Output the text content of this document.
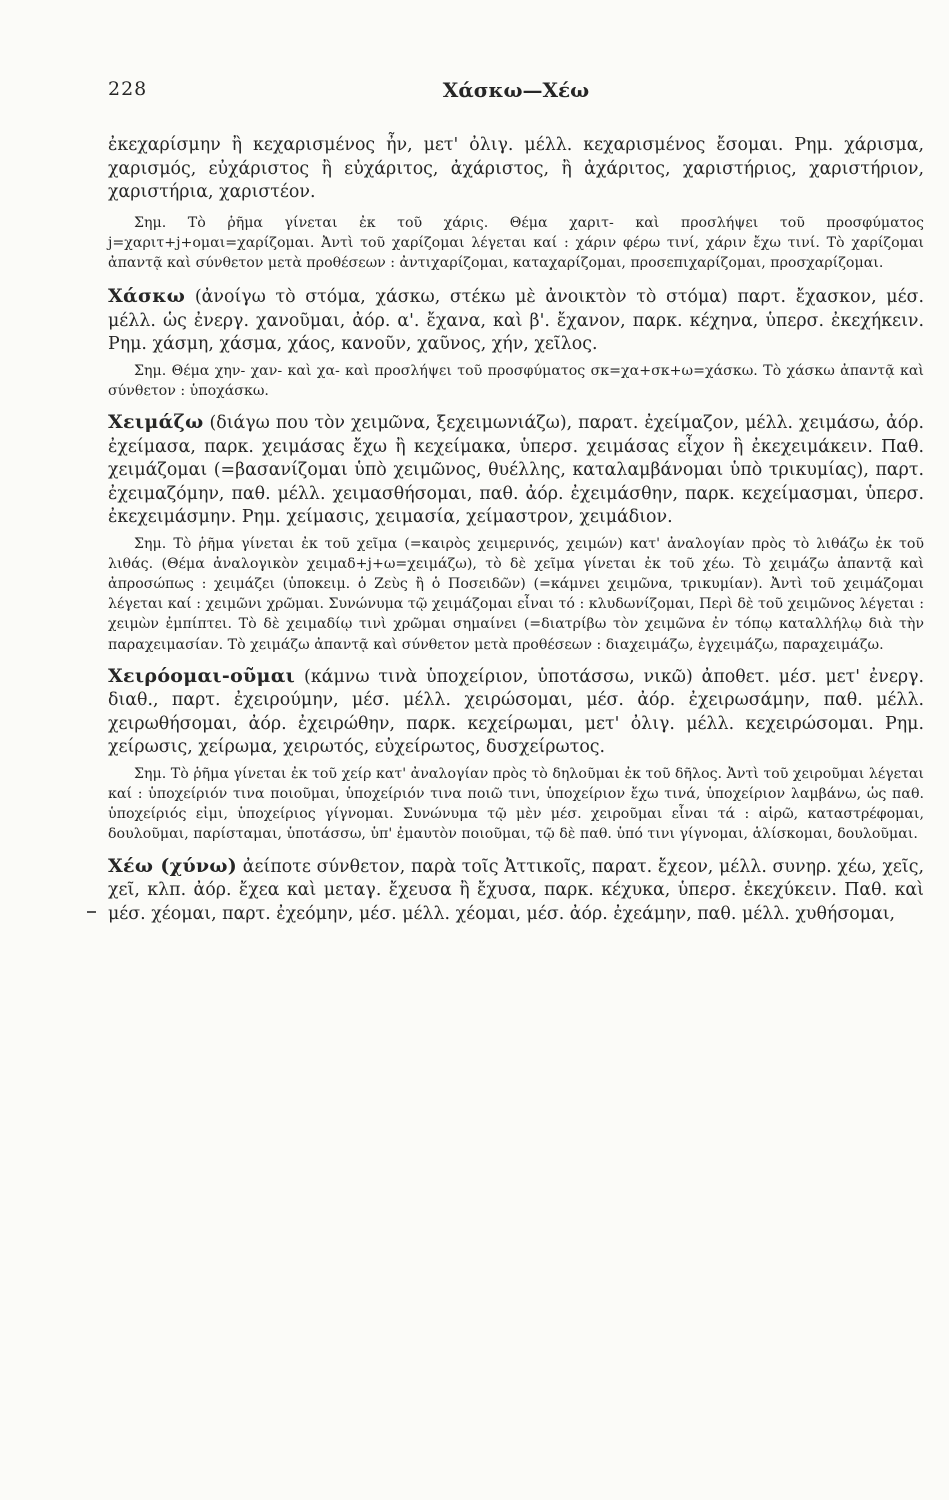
228	Χάσκω—Χέω

ἐκεχαρίσμην ἢ κεχαρισμένος ἦν, μετ' ὀλιγ. μέλλ. κεχαρισμένος ἔσομαι. Ρημ. χάρισμα, χαρισμός, εὐχάριστος ἢ εὐχάριτος, ἀχάριστος, ἢ ἀχάριτος, χαριστήριος, χαριστήριον, χαριστήρια, χαριστέον.

Σημ. Τὸ ῥῆμα γίνεται ἐκ τοῦ χάρις. Θέμα χαριτ- καὶ προσλήψει τοῦ προσφύματος j=χαριτ+j+ομαι=χαρίζομαι. Ἀντὶ τοῦ χαρίζομαι λέγεται καί : χάριν φέρω τινί, χάριν ἔχω τινί. Τὸ χαρίζομαι ἀπαντᾷ καὶ σύνθετον μετὰ προθέσεων : ἀντιχαρίζομαι, καταχαρίζομαι, προσεπιχαρίζομαι, προσχαρίζομαι.

Χάσκω (ἀνοίγω τὸ στόμα, χάσκω, στέκω μὲ ἀνοικτὸν τὸ στόμα) παρτ. ἔχασκον, μέσ. μέλλ. ὡς ἐνεργ. χανοῦμαι, ἀόρ. α'. ἔχανα, καὶ β'. ἔχανον, παρκ. κέχηνα, ὑπερσ. ἐκεχήκειν. Ρημ. χάσμη, χάσμα, χάος, κανοῦν, χαῦνος, χήν, χεῖλος.

Σημ. Θέμα χην- χαν- καὶ χα- καὶ προσλήψει τοῦ προσφύματος σκ=χα+σκ+ω=χάσκω. Τὸ χάσκω ἀπαντᾷ καὶ σύνθετον : ὑποχάσκω.

Χειμάζω (διάγω που τὸν χειμῶνα, ξεχειμωνιάζω), παρατ. ἐχείμαζον, μέλλ. χειμάσω, ἀόρ. ἐχείμασα, παρκ. χειμάσας ἔχω ἢ κεχείμακα, ὑπερσ. χειμάσας εἶχον ἢ ἐκεχειμάκειν. Παθ. χειμάζομαι (=βασανίζομαι ὑπὸ χειμῶνος, θυέλλης, καταλαμβάνομαι ὑπὸ τρικυμίας), παρτ. ἐχειμαζόμην, παθ. μέλλ. χειμασθήσομαι, παθ. ἀόρ. ἐχειμάσθην, παρκ. κεχείμασμαι, ὑπερσ. ἐκεχειμάσμην. Ρημ. χείμασις, χειμασία, χείμαστρον, χειμάδιον.

Σημ. Τὸ ῥῆμα γίνεται ἐκ τοῦ χεῖμα (=καιρὸς χειμερινός, χειμών) κατ' ἀναλογίαν πρὸς τὸ λιθάζω ἐκ τοῦ λιθάς. (Θέμα ἀναλογικὸν χειμαδ+j+ω=χειμάζω), τὸ δὲ χεῖμα γίνεται ἐκ τοῦ χέω. Τὸ χειμάζω ἀπαντᾷ καὶ ἀπροσώπως : χειμάζει (ὑποκειμ. ὁ Ζεὺς ἢ ὁ Ποσειδῶν) (=κάμνει χειμῶνα, τρικυμίαν). Ἀντὶ τοῦ χειμάζομαι λέγεται καί : χειμῶνι χρῶμαι. Συνώνυμα τῷ χειμάζομαι εἶναι τό : κλυδωνίζομαι, Περὶ δὲ τοῦ χειμῶνος λέγεται : χειμὼν ἐμπίπτει. Τὸ δὲ χειμαδίῳ τινὶ χρῶμαι σημαίνει (=διατρίβω τὸν χειμῶνα ἐν τόπῳ καταλλήλῳ διὰ τὴν παραχειμασίαν. Τὸ χειμάζω ἀπαντᾷ καὶ σύνθετον μετὰ προθέσεων : διαχειμάζω, ἐγχειμάζω, παραχειμάζω.

Χειρόομαι-οῦμαι (κάμνω τινὰ ὑποχείριον, ὑποτάσσω, νικῶ) ἀποθετ. μέσ. μετ' ἐνεργ. διαθ., παρτ. ἐχειρούμην, μέσ. μέλλ. χειρώσομαι, μέσ. ἀόρ. ἐχειρωσάμην, παθ. μέλλ. χειρωθήσομαι, ἀόρ. ἐχειρώθην, παρκ. κεχείρωμαι, μετ' ὀλιγ. μέλλ. κεχειρώσομαι. Ρημ. χείρωσις, χείρωμα, χειρωτός, εὐχείρωτος, δυσχείρωτος.

Σημ. Τὸ ῥῆμα γίνεται ἐκ τοῦ χείρ κατ' ἀναλογίαν πρὸς τὸ δηλοῦμαι ἐκ τοῦ δῆλος. Ἀντὶ τοῦ χειροῦμαι λέγεται καί : ὑποχείριόν τινα ποιοῦμαι, ὑποχείριόν τινα ποιῶ τινι, ὑποχείριον ἔχω τινά, ὑποχείριον λαμβάνω, ὡς παθ. ὑποχείριός εἰμι, ὑποχείριος γίγνομαι. Συνώνυμα τῷ μὲν μέσ. χειροῦμαι εἶναι τά : αἱρῶ, καταστρέφομαι, δουλοῦμαι, παρίσταμαι, ὑποτάσσω, ὑπ' ἐμαυτὸν ποιοῦμαι, τῷ δὲ παθ. ὑπό τινι γίγνομαι, ἁλίσκομαι, δουλοῦμαι.

Χέω (χύνω) ἀείποτε σύνθετον, παρὰ τοῖς Ἀττικοῖς, παρατ. ἔχεον, μέλλ. συνηρ. χέω, χεῖς, χεῖ, κλπ. ἀόρ. ἔχεα καὶ μεταγ. ἔχευσα ἢ ἔχυσα, παρκ. κέχυκα, ὑπερσ. ἐκεχύκειν. Παθ. καὶ μέσ. χέομαι, παρτ. ἐχεόμην, μέσ. μέλλ. χέομαι, μέσ. ἀόρ. ἐχεάμην, παθ. μέλλ. χυθήσομαι,
